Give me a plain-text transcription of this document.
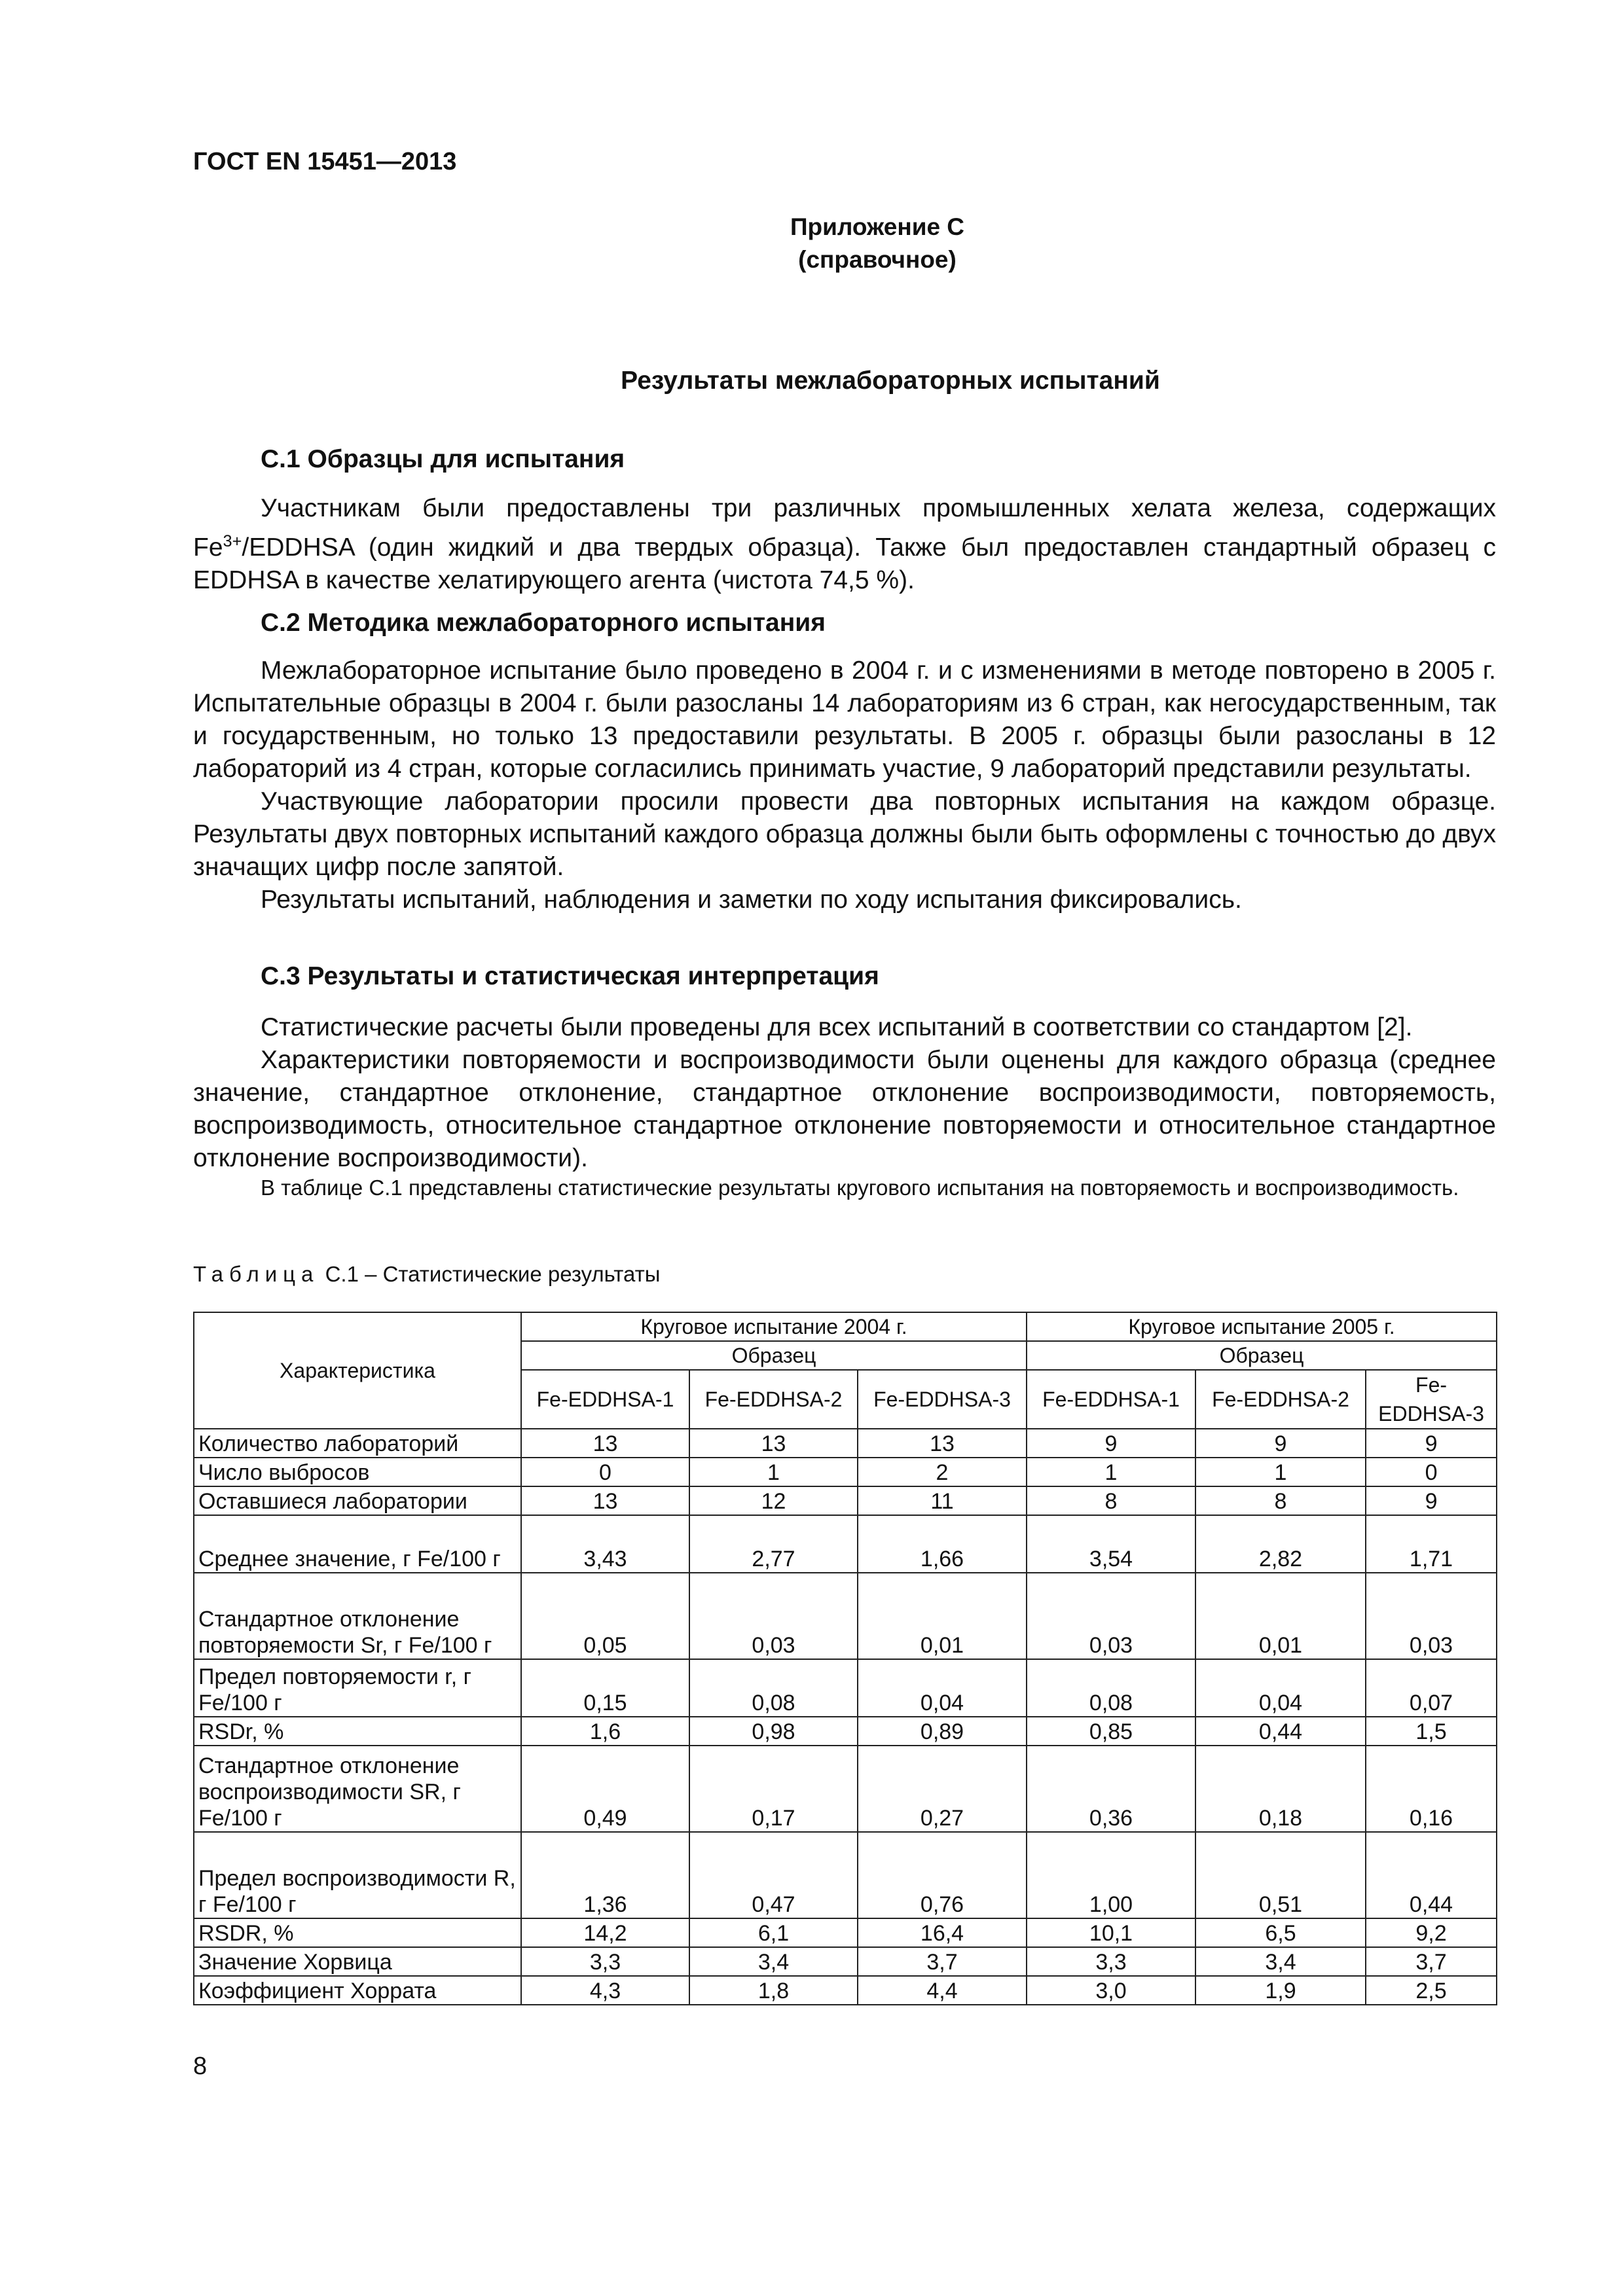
ГОСТ EN 15451—2013
Приложение С
(справочное)
Результаты межлабораторных испытаний
С.1 Образцы для испытания

Участникам были предоставлены три различных промышленных хелата железа, содержащих $Fe^{3+}$/EDDHSA (один жидкий и два твердых образца). Также был предоставлен стандартный образец с EDDHSA в качестве хелатирующего агента (чистота 74,5 %).

С.2 Методика межлабораторного испытания

Межлабораторное испытание было проведено в 2004 г. и с изменениями в методе повторено в 2005 г. Испытательные образцы в 2004 г. были разосланы 14 лабораториям из 6 стран, как негосударственным, так и государственным, но только 13 предоставили результаты. В 2005 г. образцы были разосланы в 12 лабораторий из 4 стран, которые согласились принимать участие, 9 лабораторий представили результаты.

Участвующие лаборатории просили провести два повторных испытания на каждом образце. Результаты двух повторных испытаний каждого образца должны были быть оформлены с точностью до двух значащих цифр после запятой.

Результаты испытаний, наблюдения и заметки по ходу испытания фиксировались.

С.3 Результаты и статистическая интерпретация

Статистические расчеты были проведены для всех испытаний в соответствии со стандартом [2].

Характеристики повторяемости и воспроизводимости были оценены для каждого образца (среднее значение, стандартное отклонение, стандартное отклонение воспроизводимости, повторяемость, воспроизводимость, относительное стандартное отклонение повторяемости и относительное стандартное отклонение воспроизводимости).

В таблице С.1 представлены статистические результаты кругового испытания на повторяемость и воспроизводимость.

Таблица С.1 – Статистические результаты
Характеристика	Круговое испытание 2004 г.			Круговое испытание 2005 г.		
	Образец			Образец		
	Fe-EDDHSA-1	Fe-EDDHSA-2	Fe-EDDHSA-3	Fe-EDDHSA-1	Fe-EDDHSA-2	Fe-EDDHSA-3
Количество лабораторий	13	13	13	9	9	9
Число выбросов	0	1	2	1	1	0
Оставшиеся лаборатории	13	12	11	8	8	9
Среднее значение, г Fe/100 г	3,43	2,77	1,66	3,54	2,82	1,71
Стандартное отклонение повторяемости Sr, г Fe/100 г	0,05	0,03	0,01	0,03	0,01	0,03
Предел повторяемости r, г Fe/100 г	0,15	0,08	0,04	0,08	0,04	0,07
RSDr, %	1,6	0,98	0,89	0,85	0,44	1,5
Стандартное отклонение воспроизводимости SR, г Fe/100 г	0,49	0,17	0,27	0,36	0,18	0,16
Предел воспроизводимости R, г Fe/100 г	1,36	0,47	0,76	1,00	0,51	0,44
RSDR, %	14,2	6,1	16,4	10,1	6,5	9,2
Значение Хорвица	3,3	3,4	3,7	3,3	3,4	3,7
Коэффициент Хоррата	4,3	1,8	4,4	3,0	1,9	2,5
8
